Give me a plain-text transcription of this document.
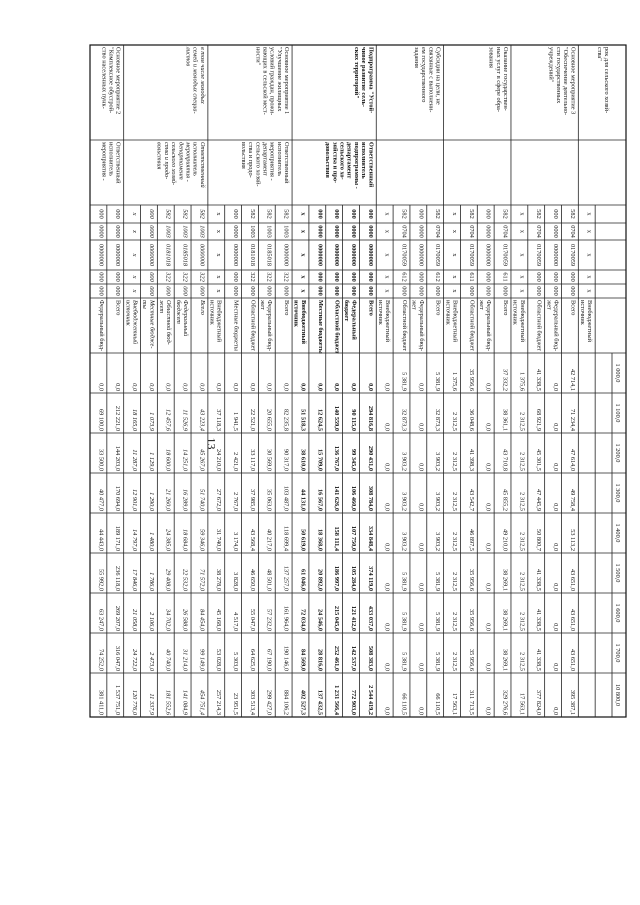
13
1 000,0
1 100,0
1 200,0
1 300,0
1 400,0
1 500,0
1 600,0
1 700,0
10 800,0
рок для сельского хозяй-
ства"
x
x
x
x
x
Внебюджетный
источник
Основное мероприятие 3
"Обеспечение деятельно-
сти государственных
учреждений"
582
0704
0170059
000
000
Всего
42 714,1
71 234,4
47 614,0
49 758,4
53 113,2
43 651,0
43 651,0
43 651,0
395 387,1
000
0000
0000000
000
000
Федеральный бюд-
жет
0,0
0,0
0,0
0,0
0,0
0,0
0,0
0,0
0,0
582
0704
0170059
000
000
Областной бюджет
41 338,5
68 921,9
45 301,5
47 445,9
50 800,7
41 338,5
41 338,5
41 338,5
377 824,0
x
x
x
x
x
Внебюджетный
источник
1 375,6
2 312,5
2 312,5
2 312,5
2 312,5
2 312,5
2 312,5
2 312,5
17 563,1
Оказание государствен-
ных услуг в сфере обра-
зования
582
0704
0170059
611
000
Всего
37 332,2
38 361,1
43 710,8
45 855,2
49 210,0
38 269,1
38 269,1
38 269,1
329 276,6
000
0000
0000000
000
000
Федеральный бюд-
жет
0,0
0,0
0,0
0,0
0,0
0,0
0,0
0,0
0,0
582
0704
0170059
611
000
Областной бюджет
35 956,6
36 048,6
41 398,3
43 542,7
46 897,5
35 956,6
35 956,6
35 956,6
311 713,5
x
x
x
x
x
Внебюджетный
источник
1 375,6
2 312,5
2 312,5
2 312,5
2 312,5
2 312,5
2 312,5
2 312,5
17 563,1
Субсидии на цели, не
связанные с выполнени-
ем государственного
задания
582
0704
0170059
612
000
Всего
5 381,9
32 873,3
3 903,2
3 903,2
3 903,2
5 381,9
5 381,9
5 381,9
66 110,5
000
0000
0000000
000
000
Федеральный бюд-
жет
0,0
0,0
0,0
0,0
0,0
0,0
0,0
0,0
0,0
582
0704
0170059
612
000
Областной бюджет
5 381,9
32 873,3
3 903,2
3 903,2
3 903,2
5 381,9
5 381,9
5 381,9
66 110,5
x
x
x
x
x
Внебюджетный
источник
0,0
0,0
0,0
0,0
0,0
0,0
0,0
0,0
0,0
Подпрограмма "Устой-
чивое развитие сель-
ских территорий"
Ответственный
исполнитель
подпрограммы -
департамент
сельского хо-
зяйства и про-
довольствия
000
0000
0000000
000
000
Всего
0,0
294 816,8
290 431,0
308 784,0
334 848,4
374 119,0
433 037,0
508 383,0
2 544 419,2
000
0000
0000000
000
000
Федеральный
бюджет
0,0
90 115,0
99 345,0
106 460,0
107 750,0
105 284,0
121 412,0
142 537,0
772 903,0
000
0000
0000000
000
000
Областной бюджет
0,0
140 559,0
136 767,0
141 626,0
158 111,4
186 997,0
215 045,0
252 461,0
1 231 566,4
000
0000
0000000
000
000
Местные бюджеты
0,0
12 624,5
15 709,0
16 567,0
18 368,0
20 892,0
24 546,0
28 816,0
137 432,5
x
x
x
x
x
Внебюджетный
источник
0,0
51 518,3
38 610,0
44 131,0
50 619,0
61 046,0
72 034,0
84 569,0
402 527,3
Основное мероприятие 1
"Улучшение жилищных
условий граждан, прожи-
вающих в сельской мест-
ности"
Ответственный
исполнитель
мероприятия -
департамент
сельского хозяй-
ства и продо-
вольствия
582
1003
0000000
322
000
Всего
0,0
82 235,8
90 317,0
103 487,0
118 699,4
137 257,0
161 964,0
190 146,0
884 106,2
582
1003
0185018
322
000
Федеральный бюд-
жет
0,0
20 655,0
30 569,0
35 063,0
40 217,0
48 501,0
57 232,0
67 190,0
299 427,0
582
1003
0181018
322
000
Областной бюджет
0,0
22 521,0
33 117,0
37 985,0
43 568,4
46 650,0
55 047,0
64 625,0
303 513,4
000
0000
0000000
000
000
Местные бюджеты
0,0
1 941,5
2 421,0
2 767,0
3 174,0
3 828,0
4 517,0
5 303,0
23 951,5
x
x
x
x
x
Внебюджетный
источник
0,0
37 118,3
24 210,0
27 672,0
31 740,0
38 278,0
45 168,0
53 028,0
257 214,3
в том числе молодых
семей и молодых специа-
листов
Ответственный
исполнитель
мероприятия -
департамент
сельского хозяй-
ства и продо-
вольствия
582
1003
0000000
322
000
Всего
0,0
43 223,4
45 267,0
51 740,0
59 346,0
71 572,0
84 454,0
99 149,0
454 751,4
582
1003
0185018
322
000
Федеральный
бюджет
0,0
11 526,9
14 251,0
16 289,0
18 684,0
22 532,0
26 588,0
31 214,0
141 084,9
582
1003
0181018
322
000
Областной бюд-
жет
0,0
12 457,6
18 600,0
21 260,0
24 385,0
29 408,0
34 702,0
40 740,0
181 552,6
000
0000
0000000
000
000
Местные бюдже-
ты
0,0
1 073,9
1 129,0
1 290,0
1 480,0
1 786,0
2 106,0
2 473,0
11 337,9
x
x
x
x
x
Внебюджетный
источник
0,0
18 165,0
11 287,0
12 901,0
14 797,0
17 846,0
21 058,0
24 722,0
120 776,0
Основное мероприятие 2
"Комплексное обустрой-
ство населенных пунк-
Ответственный
исполнитель
мероприятия -
000
0000
0000000
000
000
Всего
0,0
212 221,0
144 203,0
170 694,0
189 171,0
236 118,0
269 207,0
316 047,0
1 537 751,0
000
0000
0000000
000
000
Федеральный бюд-
0,0
69 100,0
33 500,0
40 477,0
44 443,0
55 992,0
63 247,0
74 252,0
381 411,0
